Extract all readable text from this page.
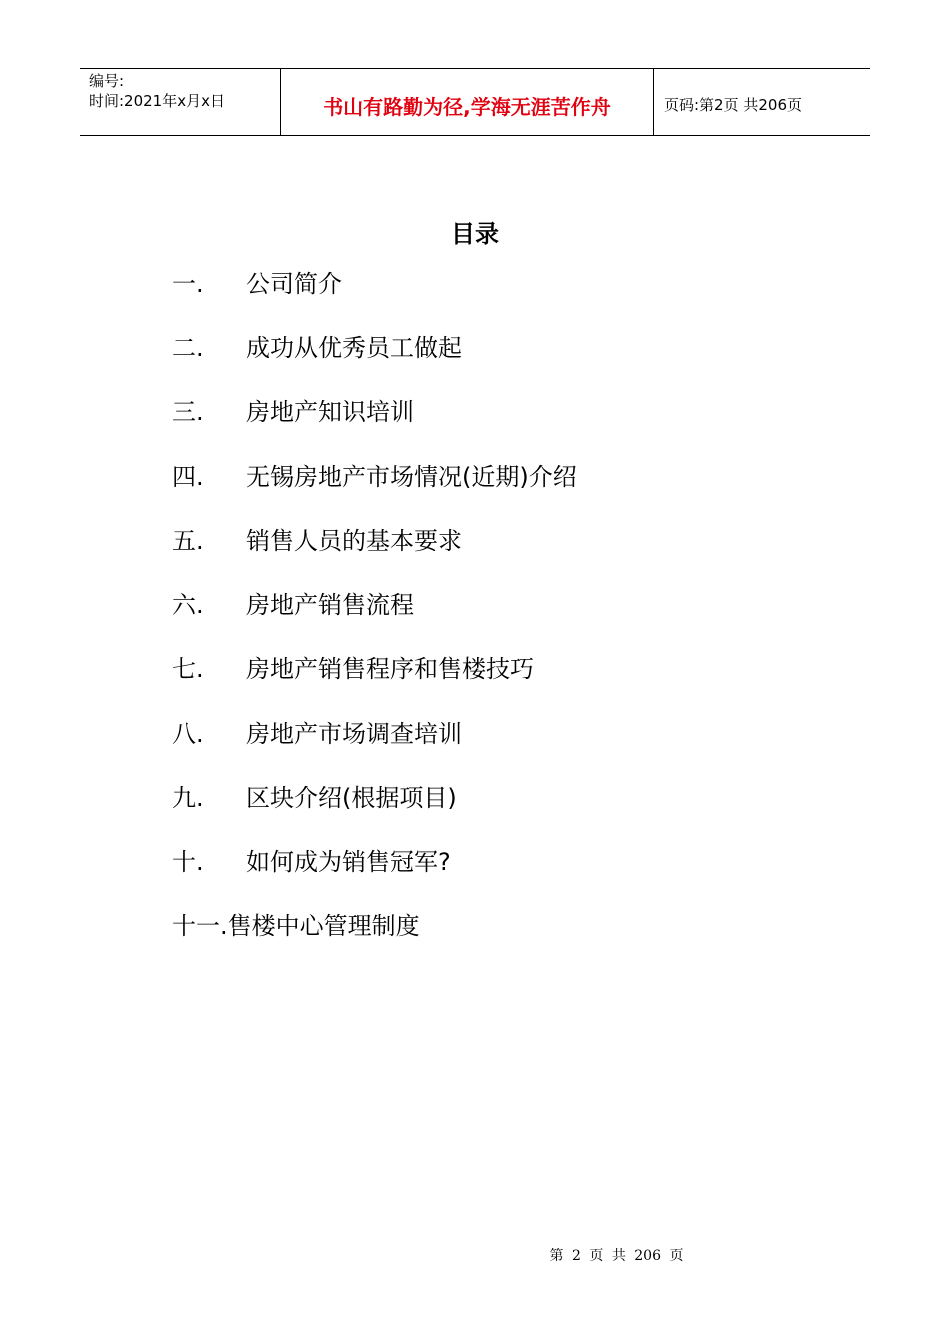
编号:
时间:2021年x月x日	书山有路勤为径,学海无涯苦作舟	页码:第2页 共206页
目录
一. 公司简介
二. 成功从优秀员工做起
三. 房地产知识培训
四. 无锡房地产市场情况(近期)介绍
五. 销售人员的基本要求
六. 房地产销售流程
七. 房地产销售程序和售楼技巧
八. 房地产市场调查培训
九. 区块介绍(根据项目)
十. 如何成为销售冠军?
十一.售楼中心管理制度
第 2 页 共 206 页
